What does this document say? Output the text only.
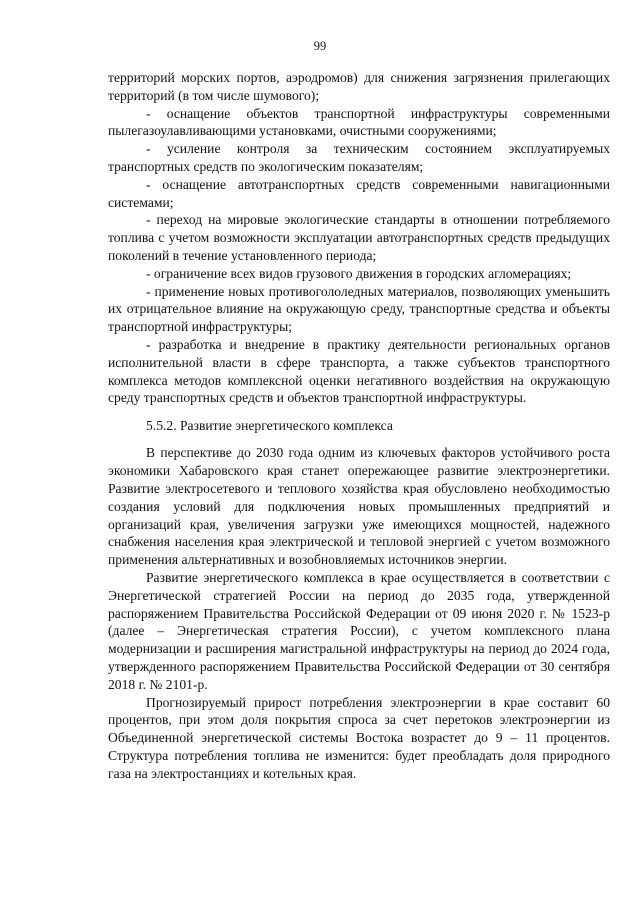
99

территорий морских портов, аэродромов) для снижения загрязнения прилегающих территорий (в том числе шумового);

- оснащение объектов транспортной инфраструктуры современными пылегазоулавливающими установками, очистными сооружениями;

- усиление контроля за техническим состоянием эксплуатируемых транспортных средств по экологическим показателям;

- оснащение автотранспортных средств современными навигационными системами;

- переход на мировые экологические стандарты в отношении потребляемого топлива с учетом возможности эксплуатации автотранспортных средств предыдущих поколений в течение установленного периода;

- ограничение всех видов грузового движения в городских агломерациях;

- применение новых противогололедных материалов, позволяющих уменьшить их отрицательное влияние на окружающую среду, транспортные средства и объекты транспортной инфраструктуры;

- разработка и внедрение в практику деятельности региональных органов исполнительной власти в сфере транспорта, а также субъектов транспортного комплекса методов комплексной оценки негативного воздействия на окружающую среду транспортных средств и объектов транспортной инфраструктуры.

5.5.2. Развитие энергетического комплекса

В перспективе до 2030 года одним из ключевых факторов устойчивого роста экономики Хабаровского края станет опережающее развитие электроэнергетики. Развитие электросетевого и теплового хозяйства края обусловлено необходимостью создания условий для подключения новых промышленных предприятий и организаций края, увеличения загрузки уже имеющихся мощностей, надежного снабжения населения края электрической и тепловой энергией с учетом возможного применения альтернативных и возобновляемых источников энергии.

Развитие энергетического комплекса в крае осуществляется в соответствии с Энергетической стратегией России на период до 2035 года, утвержденной распоряжением Правительства Российской Федерации от 09 июня 2020 г. № 1523-р (далее – Энергетическая стратегия России), с учетом комплексного плана модернизации и расширения магистральной инфраструктуры на период до 2024 года, утвержденного распоряжением Правительства Российской Федерации от 30 сентября 2018 г. № 2101-р.

Прогнозируемый прирост потребления электроэнергии в крае составит 60 процентов, при этом доля покрытия спроса за счет перетоков электроэнергии из Объединенной энергетической системы Востока возрастет до 9 – 11 процентов. Структура потребления топлива не изменится: будет преобладать доля природного газа на электростанциях и котельных края.
